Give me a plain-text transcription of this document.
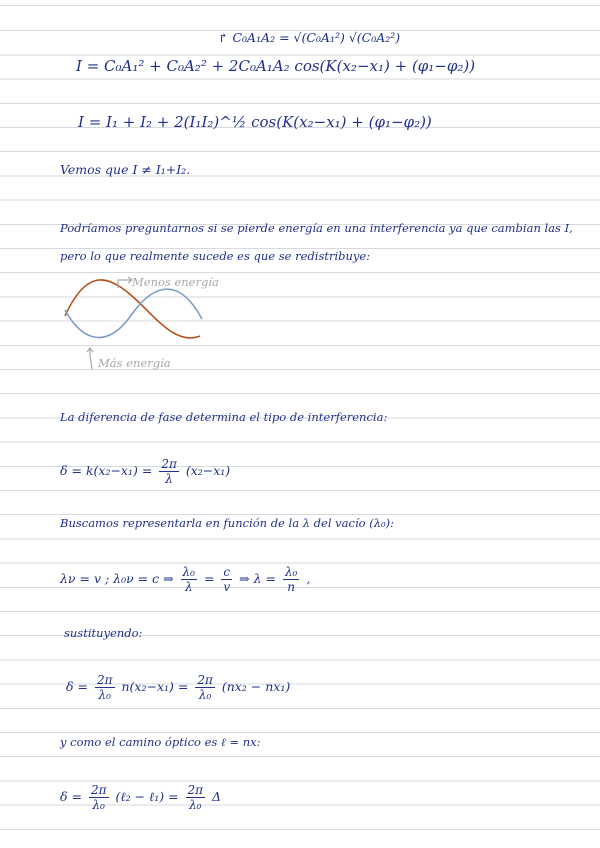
↱ C₀A₁A₂ = √(C₀A₁²) √(C₀A₂²)
I = C₀A₁² + C₀A₂² + 2C₀A₁A₂ cos(K(x₂−x₁) + (φ₁−φ₂))
I = I₁ + I₂ + 2(I₁I₂)^½ cos(K(x₂−x₁) + (φ₁−φ₂))
Vemos que I ≠ I₁+I₂.
Podríamos preguntarnos si se pierde energía en una interferencia ya que cambian las I,
pero lo que realmente sucede es que se redistribuye:
Menos energía
Más energía
La diferencia de fase determina el tipo de interferencia:
$\delta = k(x_2-x_1) = \frac{2\pi}{\lambda} (x_2-x_1)$
Buscamos representarla en función de la λ del vacío (λ₀):
λν = v ; λ₀ν = c ⇒ $\frac{\text{λ₀}}{\lambda} = \frac{c}{v}$ ⇒ $\lambda = \frac{\text{λ₀}}{n}$ ,
sustituyendo:
$\delta = \frac{2\pi}{\text{λ₀}} n(x_2-x_1) = \frac{2\pi}{\text{λ₀}} (nx_2 - nx_1)$
y como el camino óptico es ℓ = nx:
$\delta = \frac{2\pi}{\text{λ₀}}$ (ℓ₂ − ℓ₁) = $\frac{2\pi}{\text{λ₀}}$ Δ
